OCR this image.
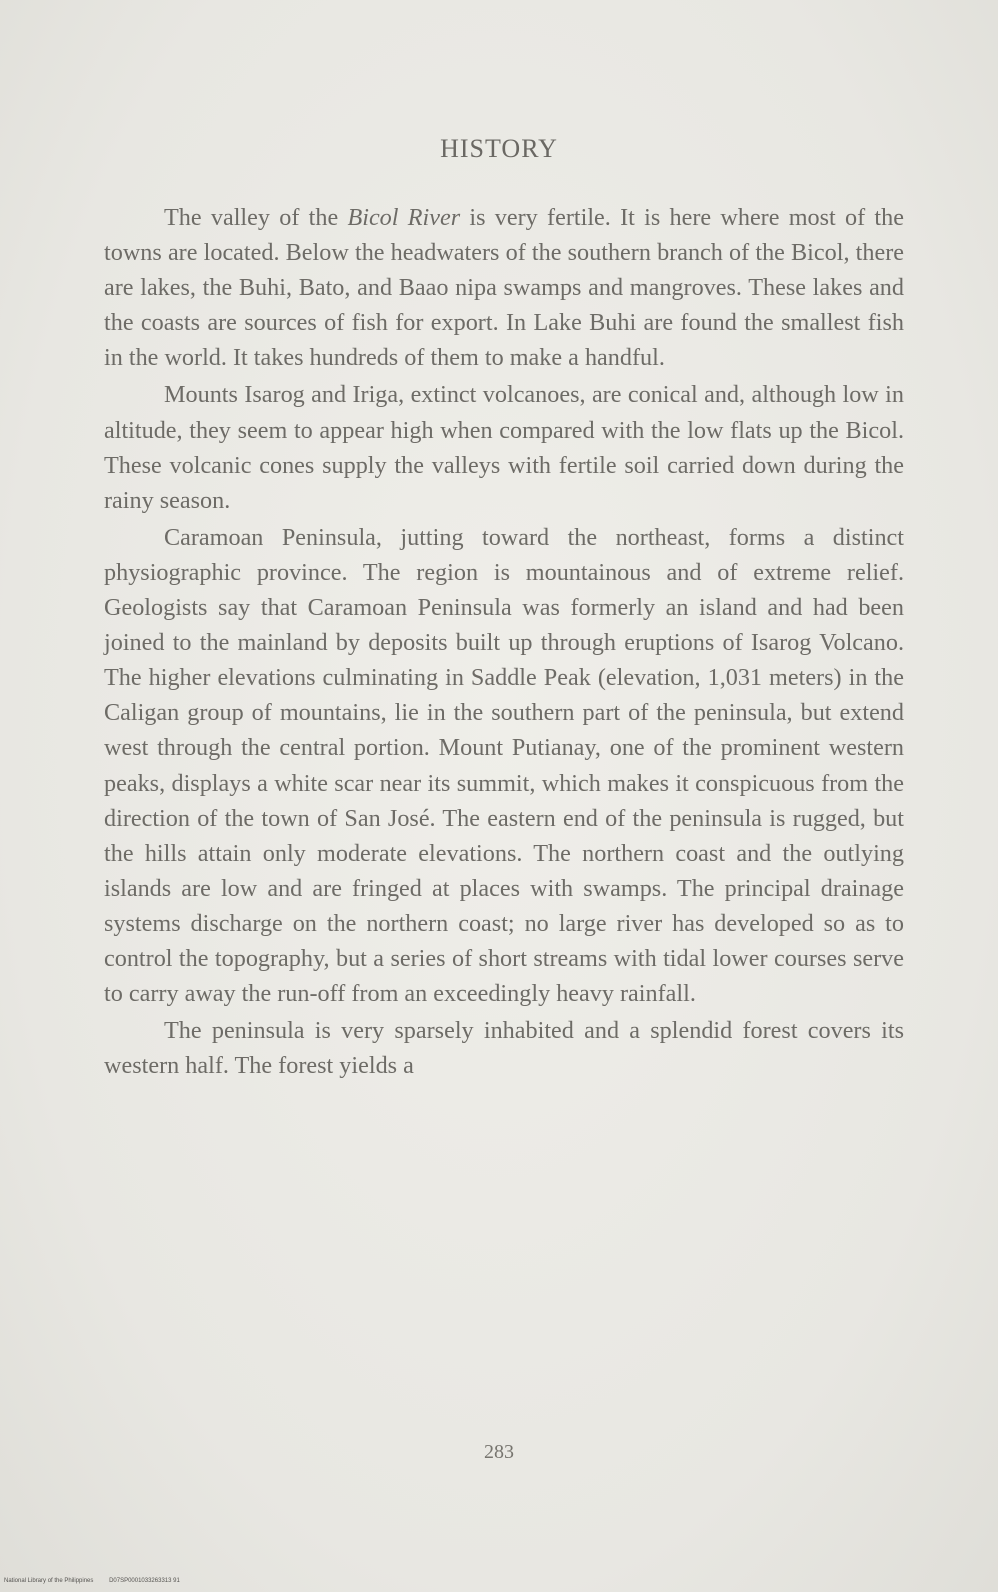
HISTORY

The valley of the Bicol River is very fertile. It is here where most of the towns are located. Below the headwaters of the southern branch of the Bicol, there are lakes, the Buhi, Bato, and Baao nipa swamps and mangroves. These lakes and the coasts are sources of fish for export. In Lake Buhi are found the smallest fish in the world. It takes hundreds of them to make a handful.

Mounts Isarog and Iriga, extinct volcanoes, are conical and, although low in altitude, they seem to appear high when compared with the low flats up the Bicol. These volcanic cones supply the valleys with fertile soil carried down during the rainy season.

Caramoan Peninsula, jutting toward the northeast, forms a distinct physiographic province. The region is mountainous and of extreme relief. Geologists say that Caramoan Peninsula was formerly an island and had been joined to the mainland by deposits built up through eruptions of Isarog Volcano. The higher elevations culminating in Saddle Peak (elevation, 1,031 meters) in the Caligan group of mountains, lie in the southern part of the peninsula, but extend west through the central portion. Mount Putianay, one of the prominent western peaks, displays a white scar near its summit, which makes it conspicuous from the direction of the town of San José. The eastern end of the peninsula is rugged, but the hills attain only moderate elevations. The northern coast and the outlying islands are low and are fringed at places with swamps. The principal drainage systems discharge on the northern coast; no large river has developed so as to control the topography, but a series of short streams with tidal lower courses serve to carry away the run-off from an exceedingly heavy rainfall.

The peninsula is very sparsely inhabited and a splendid forest covers its western half. The forest yields a

283
National Library of the Philippines	D07SP0001033263313 91
